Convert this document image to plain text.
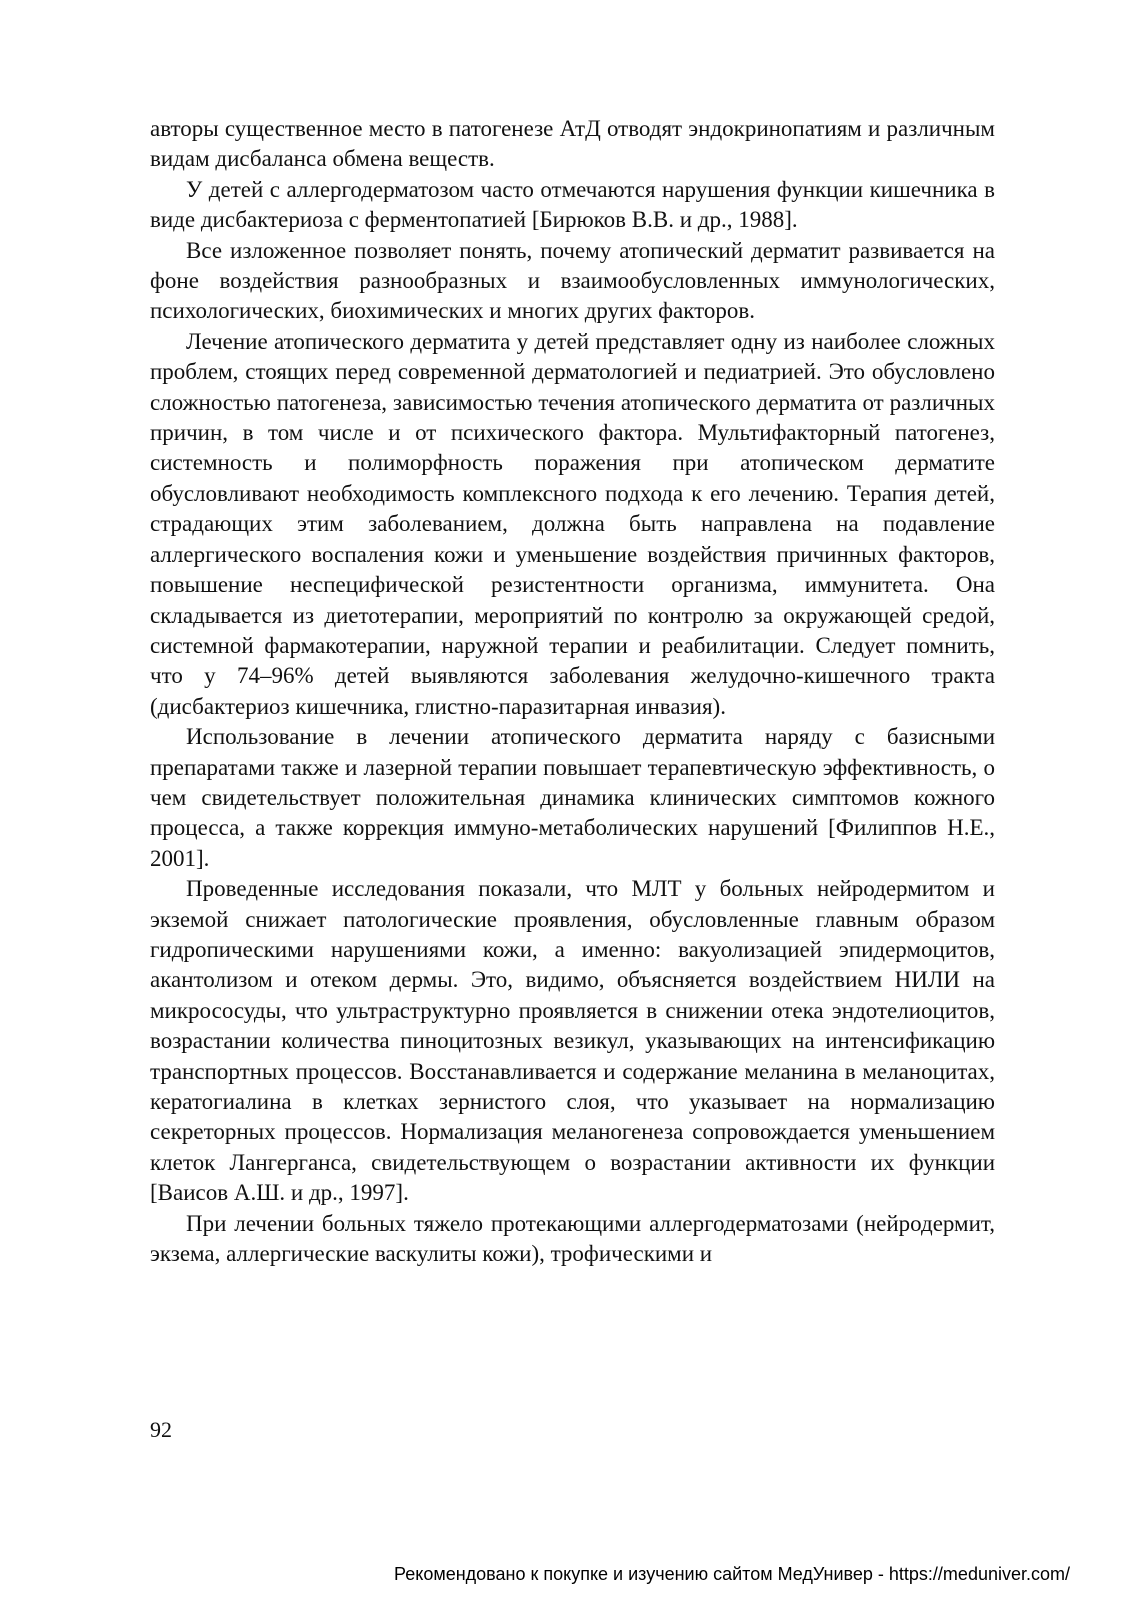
авторы существенное место в патогенезе АтД отводят эндокринопатиям и различным видам дисбаланса обмена веществ.

У детей с аллергодерматозом часто отмечаются нарушения функции кишечника в виде дисбактериоза с ферментопатией [Бирюков В.В. и др., 1988].

Все изложенное позволяет понять, почему атопический дерматит развивается на фоне воздействия разнообразных и взаимообусловленных иммунологических, психологических, биохимических и многих других факторов.

Лечение атопического дерматита у детей представляет одну из наиболее сложных проблем, стоящих перед современной дерматологией и педиатрией. Это обусловлено сложностью патогенеза, зависимостью течения атопического дерматита от различных причин, в том числе и от психического фактора. Мультифакторный патогенез, системность и полиморфность поражения при атопическом дерматите обусловливают необходимость комплексного подхода к его лечению. Терапия детей, страдающих этим заболеванием, должна быть направлена на подавление аллергического воспаления кожи и уменьшение воздействия причинных факторов, повышение неспецифической резистентности организма, иммунитета. Она складывается из диетотерапии, мероприятий по контролю за окружающей средой, системной фармакотерапии, наружной терапии и реабилитации. Следует помнить, что у 74–96% детей выявляются заболевания желудочно-кишечного тракта (дисбактериоз кишечника, глистно-паразитарная инвазия).

Использование в лечении атопического дерматита наряду с базисными препаратами также и лазерной терапии повышает терапевтическую эффективность, о чем свидетельствует положительная динамика клинических симптомов кожного процесса, а также коррекция иммуно-метаболических нарушений [Филиппов Н.Е., 2001].

Проведенные исследования показали, что МЛТ у больных нейродермитом и экземой снижает патологические проявления, обусловленные главным образом гидропическими нарушениями кожи, а именно: вакуолизацией эпидермоцитов, акантолизом и отеком дермы. Это, видимо, объясняется воздействием НИЛИ на микрососуды, что ультраструктурно проявляется в снижении отека эндотелиоцитов, возрастании количества пиноцитозных везикул, указывающих на интенсификацию транспортных процессов. Восстанавливается и содержание меланина в меланоцитах, кератогиалина в клетках зернистого слоя, что указывает на нормализацию секреторных процессов. Нормализация меланогенеза сопровождается уменьшением клеток Лангерганса, свидетельствующем о возрастании активности их функции [Ваисов А.Ш. и др., 1997].

При лечении больных тяжело протекающими аллергодерматозами (нейродермит, экзема, аллергические васкулиты кожи), трофическими и

92
Рекомендовано к покупке и изучению сайтом МедУнивер - https://meduniver.com/
